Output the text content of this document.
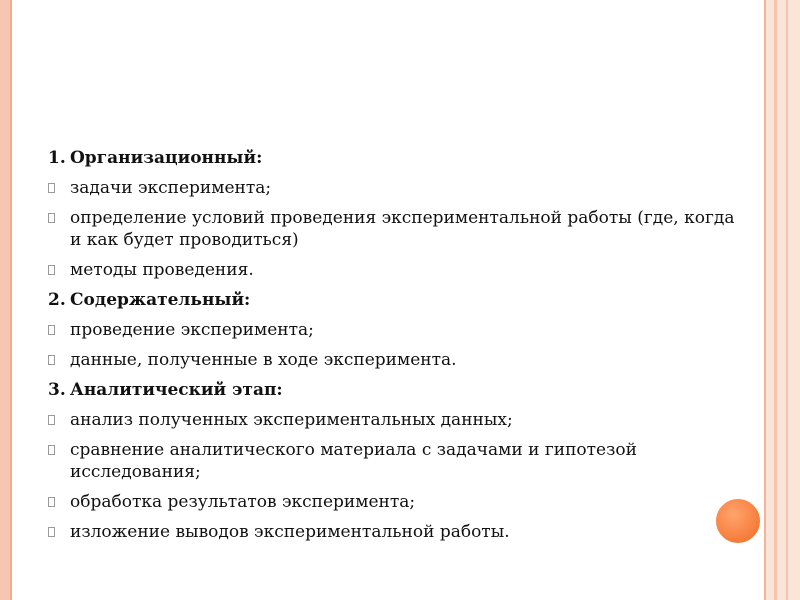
1. Организационный:
задачи эксперимента;
определение условий проведения экспериментальной работы (где, когда и как будет проводиться)
методы проведения.
2. Содержательный:
проведение эксперимента;
данные, полученные в ходе эксперимента.
3. Аналитический этап:
анализ полученных экспериментальных данных;
сравнение аналитического материала с задачами и гипотезой исследования;
обработка результатов эксперимента;
изложение выводов экспериментальной работы.
